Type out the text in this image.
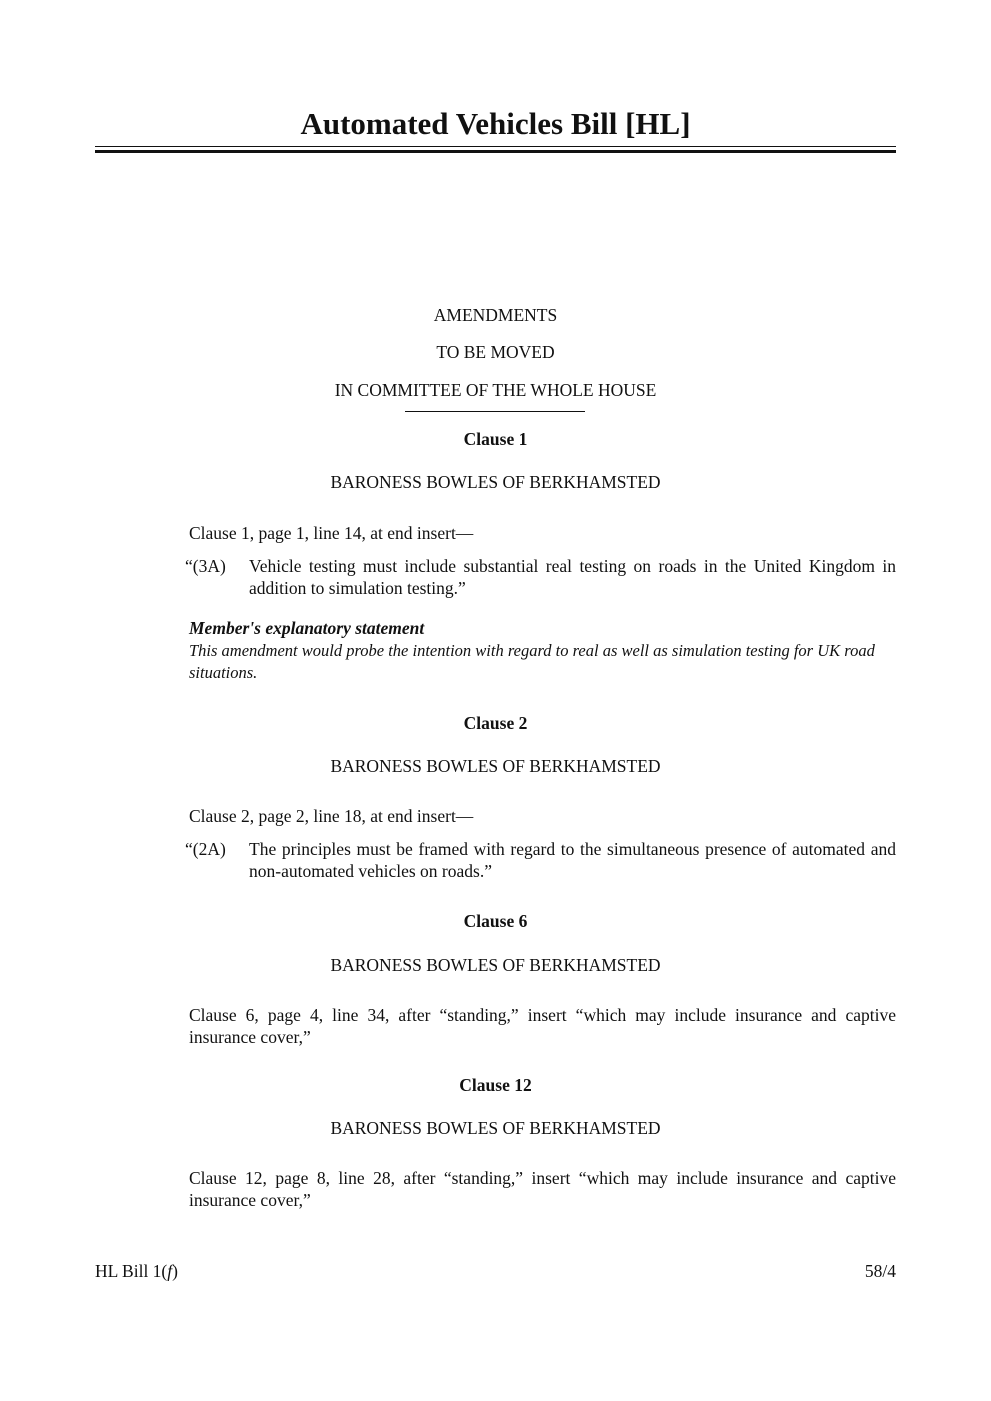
Automated Vehicles Bill [HL]
AMENDMENTS
TO BE MOVED
IN COMMITTEE OF THE WHOLE HOUSE
Clause 1
BARONESS BOWLES OF BERKHAMSTED
Clause 1, page 1, line 14, at end insert—
“(3A) Vehicle testing must include substantial real testing on roads in the United Kingdom in addition to simulation testing.”
Member's explanatory statement
This amendment would probe the intention with regard to real as well as simulation testing for UK road situations.
Clause 2
BARONESS BOWLES OF BERKHAMSTED
Clause 2, page 2, line 18, at end insert—
“(2A) The principles must be framed with regard to the simultaneous presence of automated and non-automated vehicles on roads.”
Clause 6
BARONESS BOWLES OF BERKHAMSTED
Clause 6, page 4, line 34, after “standing,” insert “which may include insurance and captive insurance cover,”
Clause 12
BARONESS BOWLES OF BERKHAMSTED
Clause 12, page 8, line 28, after “standing,” insert “which may include insurance and captive insurance cover,”
HL Bill 1(f)	58/4
